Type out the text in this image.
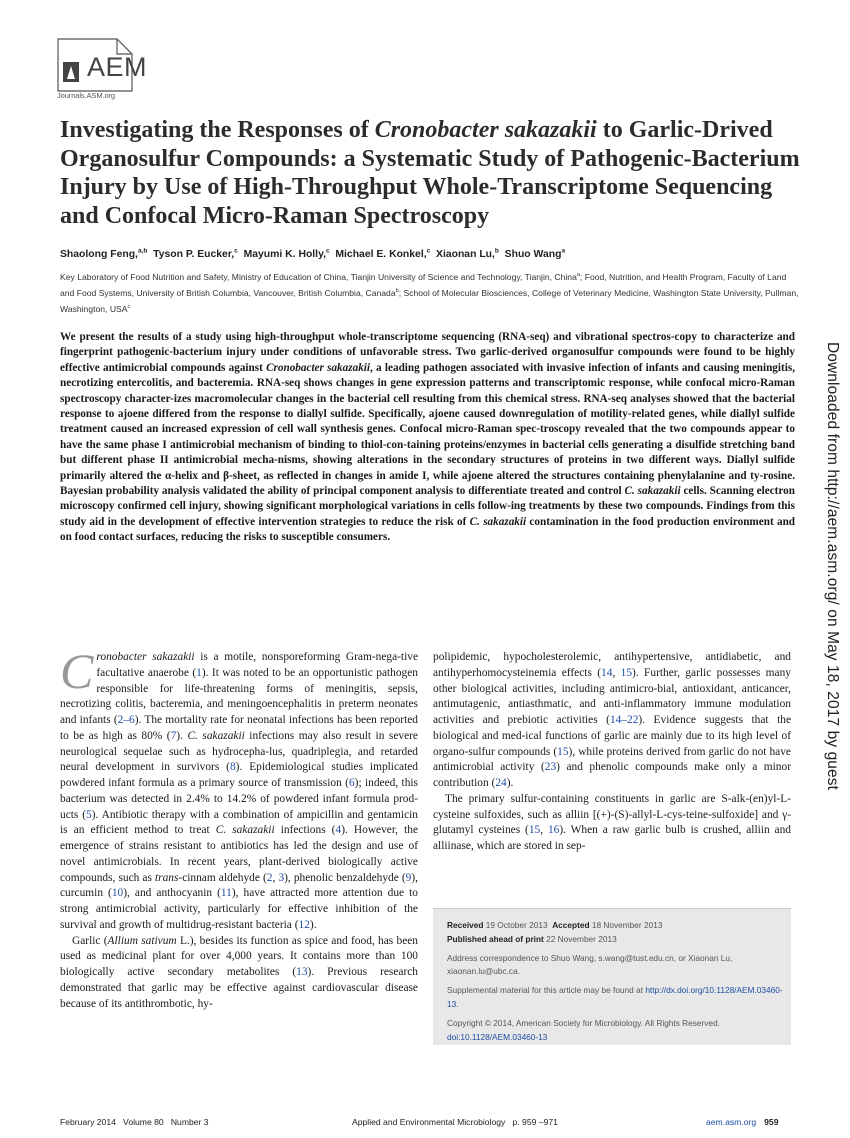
AEM
Journals.ASM.org
Investigating the Responses of Cronobacter sakazakii to Garlic-Drived Organosulfur Compounds: a Systematic Study of Pathogenic-Bacterium Injury by Use of High-Throughput Whole-Transcriptome Sequencing and Confocal Micro-Raman Spectroscopy
Shaolong Feng,$^{a,b}$ Tyson P. Eucker,$^c$ Mayumi K. Holly,$^c$ Michael E. Konkel,$^c$ Xiaonan Lu,$^b$ Shuo Wang$^a$
Key Laboratory of Food Nutrition and Safety, Ministry of Education of China, Tianjin University of Science and Technology, Tianjin, China$^a$; Food, Nutrition, and Health Program, Faculty of Land and Food Systems, University of British Columbia, Vancouver, British Columbia, Canada$^b$; School of Molecular Biosciences, College of Veterinary Medicine, Washington State University, Pullman, Washington, USA$^c$
We present the results of a study using high-throughput whole-transcriptome sequencing (RNA-seq) and vibrational spectros-copy to characterize and fingerprint pathogenic-bacterium injury under conditions of unfavorable stress. Two garlic-derived organosulfur compounds were found to be highly effective antimicrobial compounds against Cronobacter sakazakii, a leading pathogen associated with invasive infection of infants and causing meningitis, necrotizing entercolitis, and bacteremia. RNA-seq shows changes in gene expression patterns and transcriptomic response, while confocal micro-Raman spectroscopy character-izes macromolecular changes in the bacterial cell resulting from this chemical stress. RNA-seq analyses showed that the bacterial response to ajoene differed from the response to diallyl sulfide. Specifically, ajoene caused downregulation of motility-related genes, while diallyl sulfide treatment caused an increased expression of cell wall synthesis genes. Confocal micro-Raman spec-troscopy revealed that the two compounds appear to have the same phase I antimicrobial mechanism of binding to thiol-con-taining proteins/enzymes in bacterial cells generating a disulfide stretching band but different phase II antimicrobial mecha-nisms, showing alterations in the secondary structures of proteins in two different ways. Diallyl sulfide primarily altered the α-helix and β-sheet, as reflected in changes in amide I, while ajoene altered the structures containing phenylalanine and ty-rosine. Bayesian probability analysis validated the ability of principal component analysis to differentiate treated and control C. sakazakii cells. Scanning electron microscopy confirmed cell injury, showing significant morphological variations in cells follow-ing treatments by these two compounds. Findings from this study aid in the development of effective intervention strategies to reduce the risk of C. sakazakii contamination in the food production environment and on food contact surfaces, reducing the risks to susceptible consumers.	Downloaded from http://aem.asm.org/ on May 18, 2017 by guest

Cronobacter sakazakii is a motile, nonsporeforming Gram-nega-tive facultative anaerobe (1). It was noted to be an opportunistic pathogen responsible for life-threatening forms of meningitis, sepsis, necrotizing colitis, bacteremia, and meningoencephalitis in preterm neonates and infants (2–6). The mortality rate for neonatal infections has been reported to be as high as 80% (7). C. sakazakii infections may also result in severe neurological sequelae such as hydrocepha-lus, quadriplegia, and retarded neural development in survivors (8). Epidemiological studies implicated powdered infant formula as a primary source of transmission (6); indeed, this bacterium was detected in 2.4% to 14.2% of powdered infant formula prod-ucts (5). Antibiotic therapy with a combination of ampicillin and gentamicin is an efficient method to treat C. sakazakii infections (4). However, the emergence of strains resistant to antibiotics has led the design and use of novel antimicrobials. In recent years, plant-derived biologically active compounds, such as trans-cinnam aldehyde (2, 3), phenolic benzaldehyde (9), curcumin (10), and anthocyanin (11), have attracted more attention due to strong antimicrobial activity, particularly for effective inhibition of the survival and growth of multidrug-resistant bacteria (12).

Garlic (Allium sativum L.), besides its function as spice and food, has been used as medicinal plant for over 4,000 years. It contains more than 100 biologically active secondary metabolites (13). Previous research demonstrated that garlic may be effective against cardiovascular disease because of its antithrombotic, hy-

polipidemic, hypocholesterolemic, antihypertensive, antidiabetic, and antihyperhomocysteinemia effects (14, 15). Further, garlic possesses many other biological activities, including antimicro-bial, antioxidant, anticancer, antimutagenic, antiasthmatic, and anti-inflammatory immune modulation activities and prebiotic activities (14–22). Evidence suggests that the biological and med-ical functions of garlic are mainly due to its high level of organo-sulfur compounds (15), while proteins derived from garlic do not have antimicrobial activity (23) and phenolic compounds make only a minor contribution (24).

The primary sulfur-containing constituents in garlic are S-alk-(en)yl-L-cysteine sulfoxides, such as alliin [(+)-(S)-allyl-L-cys-teine-sulfoxide] and γ-glutamyl cysteines (15, 16). When a raw garlic bulb is crushed, alliin and alliinase, which are stored in sep-

Received 19 October 2013 Accepted 18 November 2013
Published ahead of print 22 November 2013
Address correspondence to Shuo Wang, s.wang@tust.edu.cn, or Xiaonan Lu, xiaonan.lu@ubc.ca.
Supplemental material for this article may be found at http://dx.doi.org/10.1128/AEM.03460-13.
Copyright © 2014, American Society for Microbiology. All Rights Reserved.
doi:10.1128/AEM.03460-13
February 2014   Volume 80   Number 3	Applied and Environmental Microbiology   p. 959 –971	aem.asm.org 959
